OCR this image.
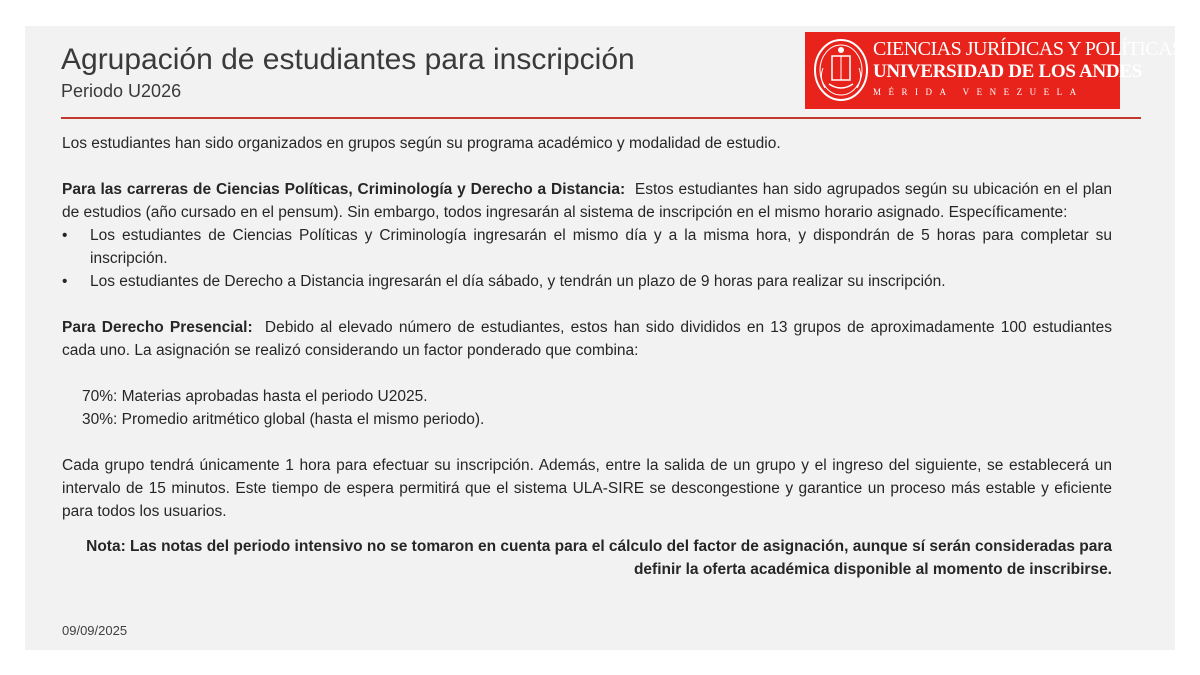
Agrupación de estudiantes para inscripción
Periodo U2026
CIENCIAS JURÍDICAS Y POLÍTICAS
UNIVERSIDAD DE LOS ANDES
MÉRIDA VENEZUELA

Los estudiantes han sido organizados en grupos según su programa académico y modalidad de estudio.

Para las carreras de Ciencias Políticas, Criminología y Derecho a Distancia: Estos estudiantes han sido agrupados según su ubicación en el plan de estudios (año cursado en el pensum). Sin embargo, todos ingresarán al sistema de inscripción en el mismo horario asignado. Específicamente:

• Los estudiantes de Ciencias Políticas y Criminología ingresarán el mismo día y a la misma hora, y dispondrán de 5 horas para completar su inscripción.
• Los estudiantes de Derecho a Distancia ingresarán el día sábado, y tendrán un plazo de 9 horas para realizar su inscripción.

Para Derecho Presencial: Debido al elevado número de estudiantes, estos han sido divididos en 13 grupos de aproximadamente 100 estudiantes cada uno. La asignación se realizó considerando un factor ponderado que combina:

70%: Materias aprobadas hasta el periodo U2025.
30%: Promedio aritmético global (hasta el mismo periodo).

Cada grupo tendrá únicamente 1 hora para efectuar su inscripción. Además, entre la salida de un grupo y el ingreso del siguiente, se establecerá un intervalo de 15 minutos. Este tiempo de espera permitirá que el sistema ULA-SIRE se descongestione y garantice un proceso más estable y eficiente para todos los usuarios.

Nota: Las notas del periodo intensivo no se tomaron en cuenta para el cálculo del factor de asignación, aunque sí serán consideradas para definir la oferta académica disponible al momento de inscribirse.

09/09/2025
